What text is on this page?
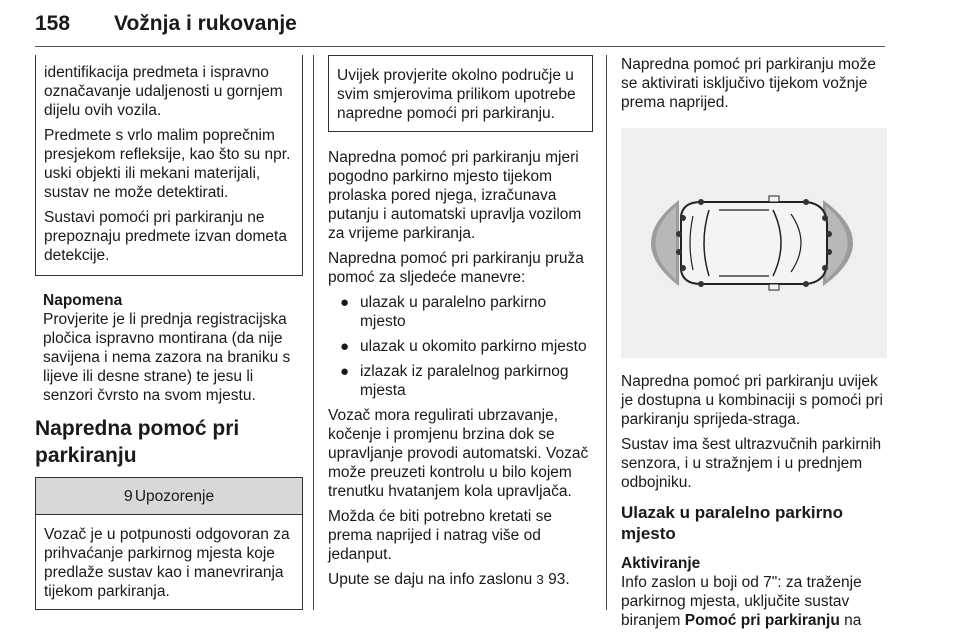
158 Vožnja i rukovanje

identifikacija predmeta i ispravno označavanje udaljenosti u gornjem dijelu ovih vozila.

Predmete s vrlo malim poprečnim presjekom refleksije, kao što su npr. uski objekti ili mekani materijali, sustav ne može detektirati.

Sustavi pomoći pri parkiranju ne prepoznaju predmete izvan dometa detekcije.

Napomena

Provjerite je li prednja registracijska pločica ispravno montirana (da nije savijena i nema zazora na braniku s lijeve ili desne strane) te jesu li senzori čvrsto na svom mjestu.

Napredna pomoć pri parkiranju
9 Upozorenje

Vozač je u potpunosti odgovoran za prihvaćanje parkirnog mjesta koje predlaže sustav kao i manevriranja tijekom parkiranja.

Uvijek provjerite okolno područje u svim smjerovima prilikom upotrebe napredne pomoći pri parkiranju.

Napredna pomoć pri parkiranju mjeri pogodno parkirno mjesto tijekom prolaska pored njega, izračunava putanju i automatski upravlja vozilom za vrijeme parkiranja.

Napredna pomoć pri parkiranju pruža pomoć za sljedeće manevre:

● ulazak u paralelno parkirno mjesto
● ulazak u okomito parkirno mjesto
● izlazak iz paralelnog parkirnog mjesta

Vozač mora regulirati ubrzavanje, kočenje i promjenu brzina dok se upravljanje provodi automatski. Vozač može preuzeti kontrolu u bilo kojem trenutku hvatanjem kola upravljača.

Možda će biti potrebno kretati se prema naprijed i natrag više od jedanput.

Upute se daju na info zaslonu 3 93.

Napredna pomoć pri parkiranju može se aktivirati isključivo tijekom vožnje prema naprijed.

Napredna pomoć pri parkiranju uvijek je dostupna u kombinaciji s pomoći pri parkiranju sprijeda-straga.

Sustav ima šest ultrazvučnih parkirnih senzora, i u stražnjem i u prednjem odbojniku.

Ulazak u paralelno parkirno mjesto

Aktiviranje

Info zaslon u boji od 7": za traženje parkirnog mjesta, uključite sustav biranjem Pomoć pri parkiranju na
